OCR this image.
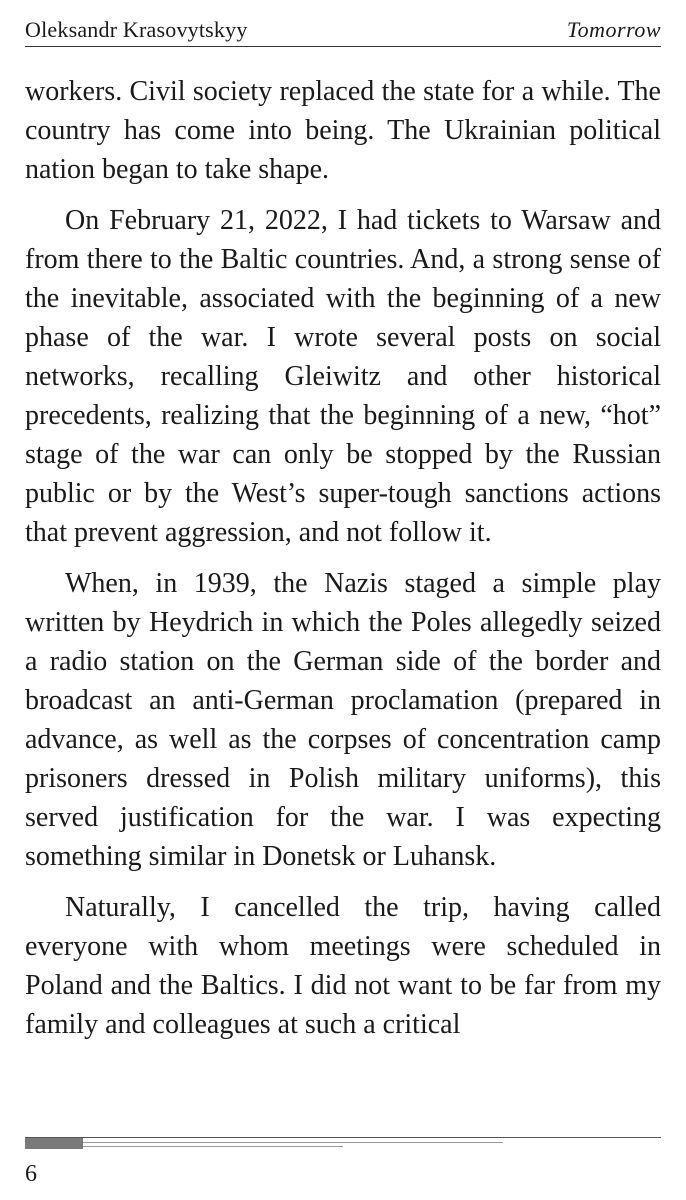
Oleksandr Krasovytskyy	Tomorrow

workers. Civil society replaced the state for a while. The country has come into being. The Ukrainian political nation began to take shape.

On February 21, 2022, I had tickets to Warsaw and from there to the Baltic countries. And, a strong sense of the inevitable, associated with the beginning of a new phase of the war. I wrote several posts on social networks, recalling Gleiwitz and other historical precedents, realizing that the beginning of a new, “hot” stage of the war can only be stopped by the Russian public or by the West’s super-tough sanctions actions that prevent aggression, and not follow it.

When, in 1939, the Nazis staged a simple play written by Heydrich in which the Poles allegedly seized a radio station on the German side of the border and broadcast an anti-German proclamation (prepared in advance, as well as the corpses of concentration camp prisoners dressed in Polish military uniforms), this served justification for the war. I was expecting something similar in Donetsk or Luhansk.

Naturally, I cancelled the trip, having called everyone with whom meetings were scheduled in Poland and the Baltics. I did not want to be far from my family and colleagues at such a critical

6
